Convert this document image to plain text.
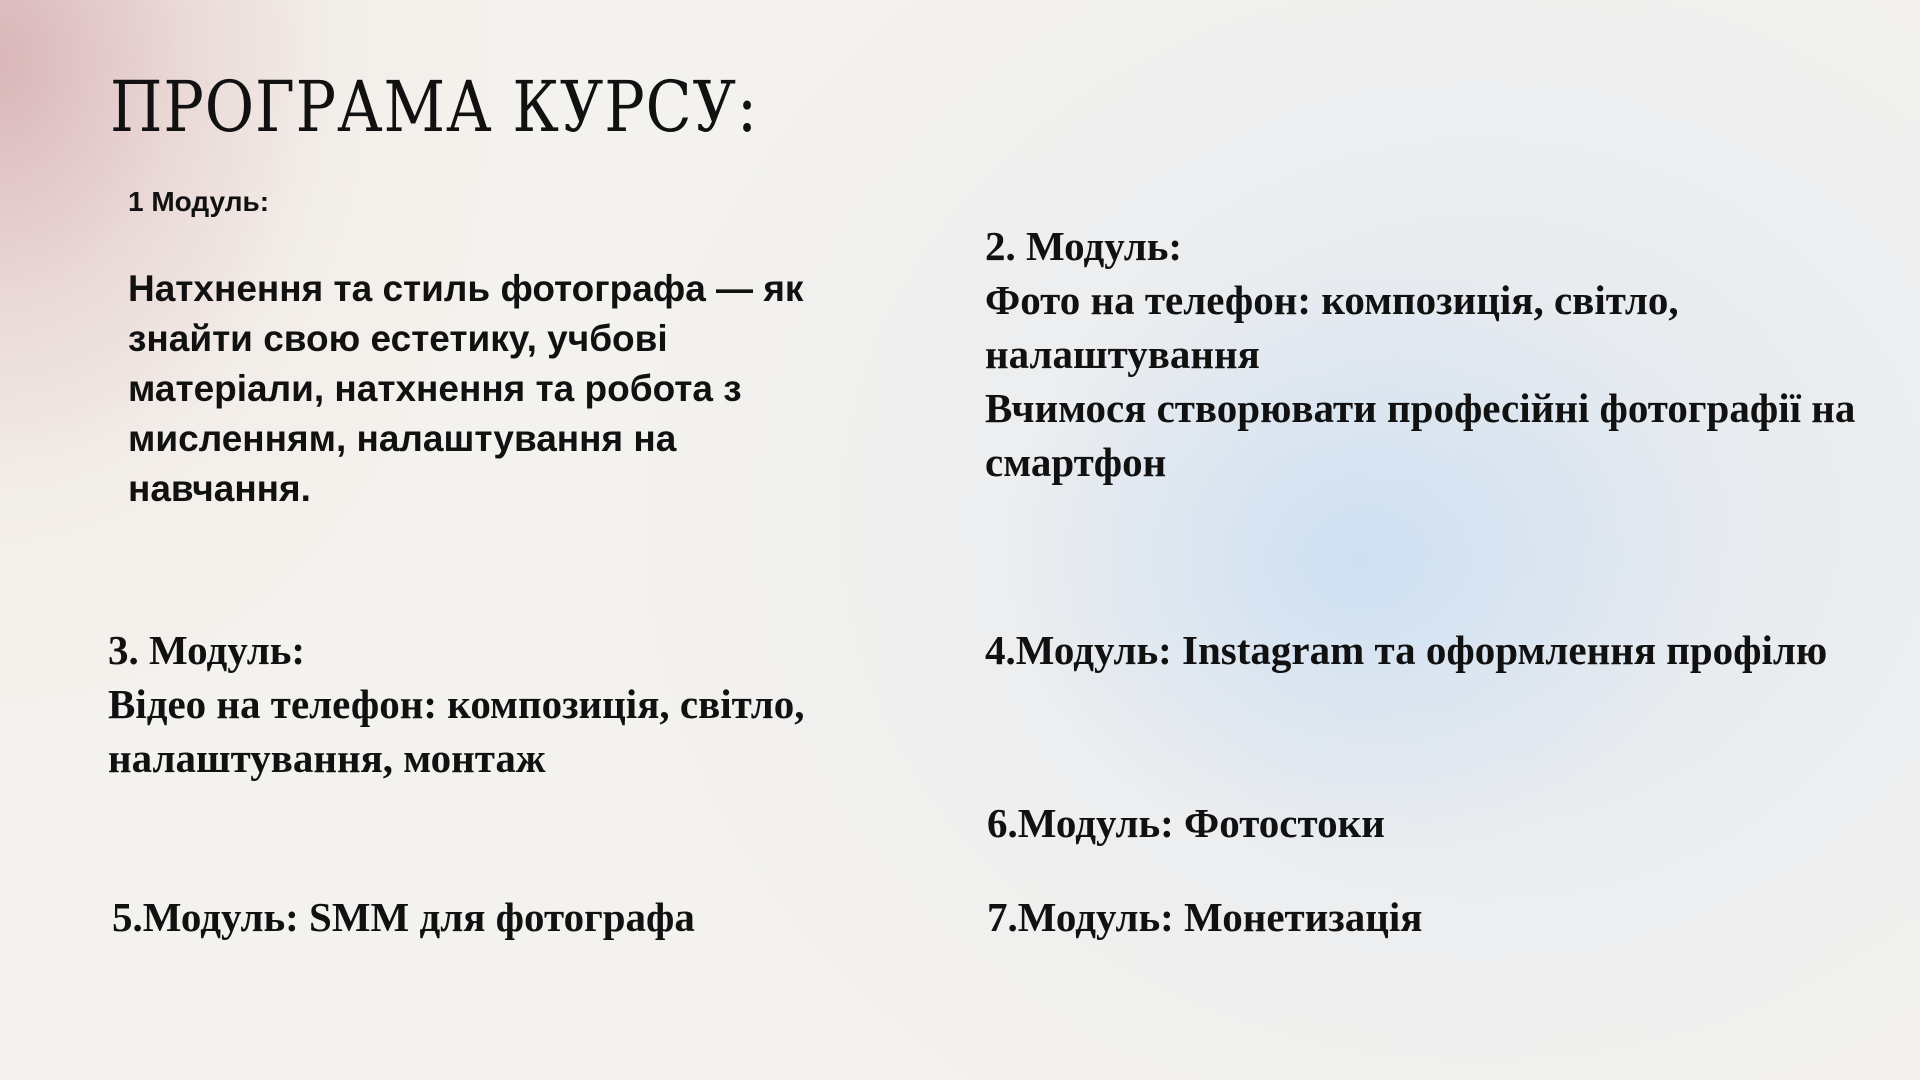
ПРОГРАМА КУРСУ:
1 Модуль:
Натхнення та стиль фотографа — як знайти свою естетику, учбові матеріали, натхнення та робота з мисленням, налаштування на навчання.
2. Модуль:
Фото на телефон: композиція, світло, налаштування
Вчимося створювати професійні фотографії на смартфон
3. Модуль:
Відео на телефон: композиція, світло, налаштування, монтаж
4.Модуль: Instagram та оформлення профілю
6.Модуль: Фотостоки
5.Модуль: SMM для фотографа	7.Модуль: Монетизація
